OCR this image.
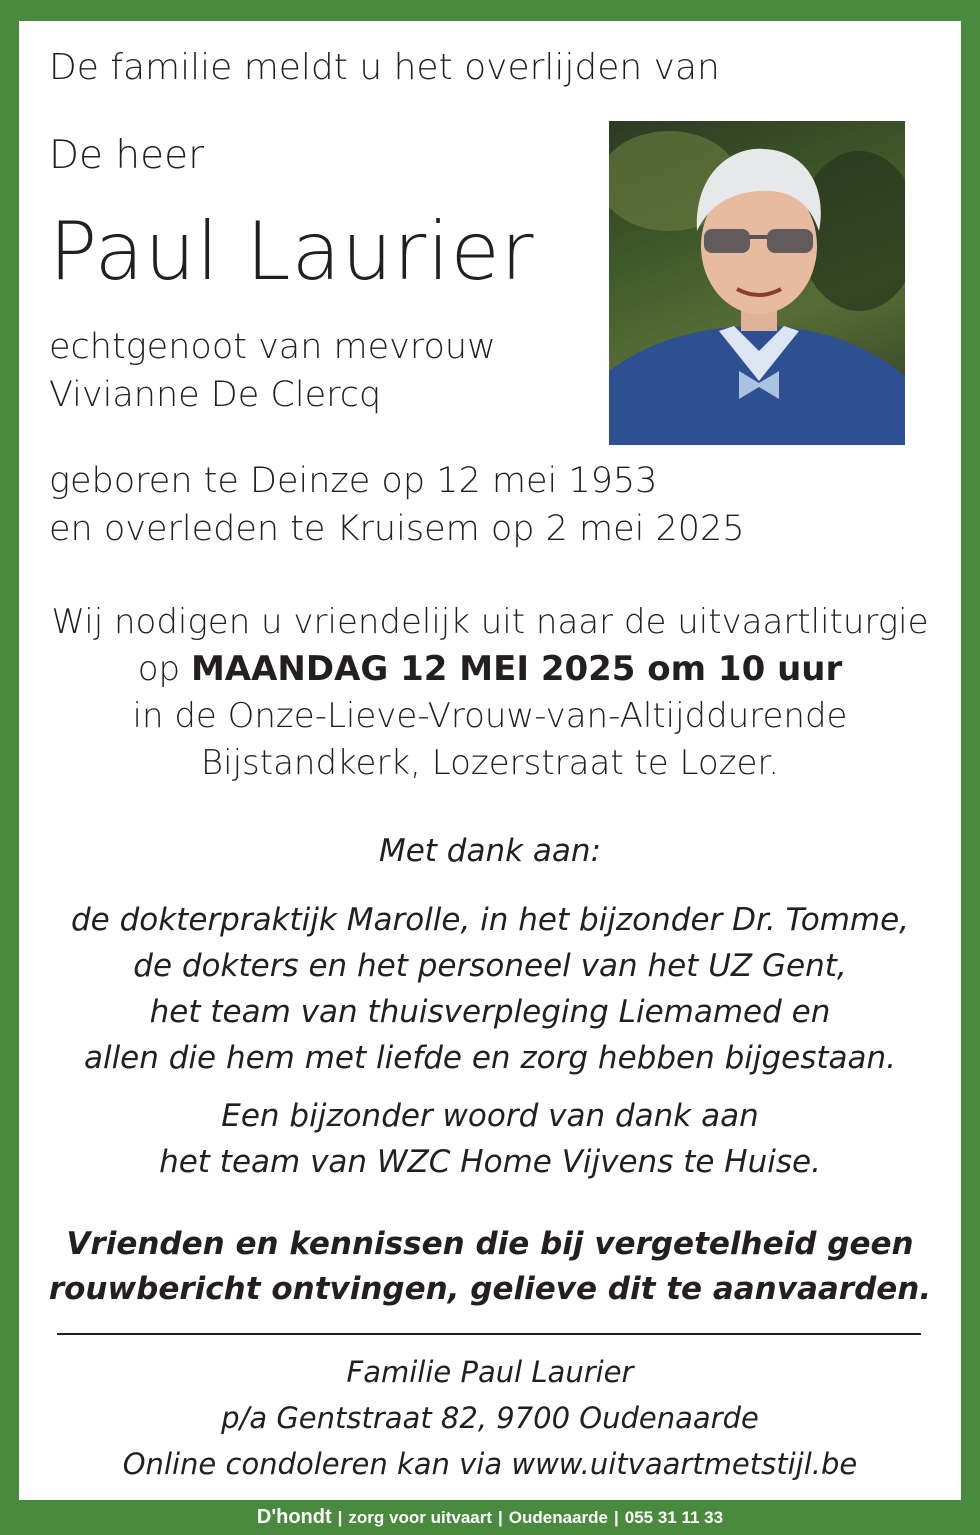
De familie meldt u het overlijden van

De heer

Paul Laurier

echtgenoot van mevrouw
Vivianne De Clercq
geboren te Deinze op 12 mei 1953
en overleden te Kruisem op 2 mei 2025
Wij nodigen u vriendelijk uit naar de uitvaartliturgie
op MAANDAG 12 MEI 2025 om 10 uur
in de Onze-Lieve-Vrouw-van-Altijddurende
Bijstandkerk, Lozerstraat te Lozer.

Met dank aan:

de dokterpraktijk Marolle, in het bijzonder Dr. Tomme,
de dokters en het personeel van het UZ Gent,
het team van thuisverpleging Liemamed en
allen die hem met liefde en zorg hebben bijgestaan.
Een bijzonder woord van dank aan
het team van WZC Home Vijvens te Huise.
Vrienden en kennissen die bij vergetelheid geen
rouwbericht ontvingen, gelieve dit te aanvaarden.
Familie Paul Laurier
p/a Gentstraat 82, 9700 Oudenaarde
Online condoleren kan via www.uitvaartmetstijl.be
D'hondt | zorg voor uitvaart | Oudenaarde | 055 31 11 33
